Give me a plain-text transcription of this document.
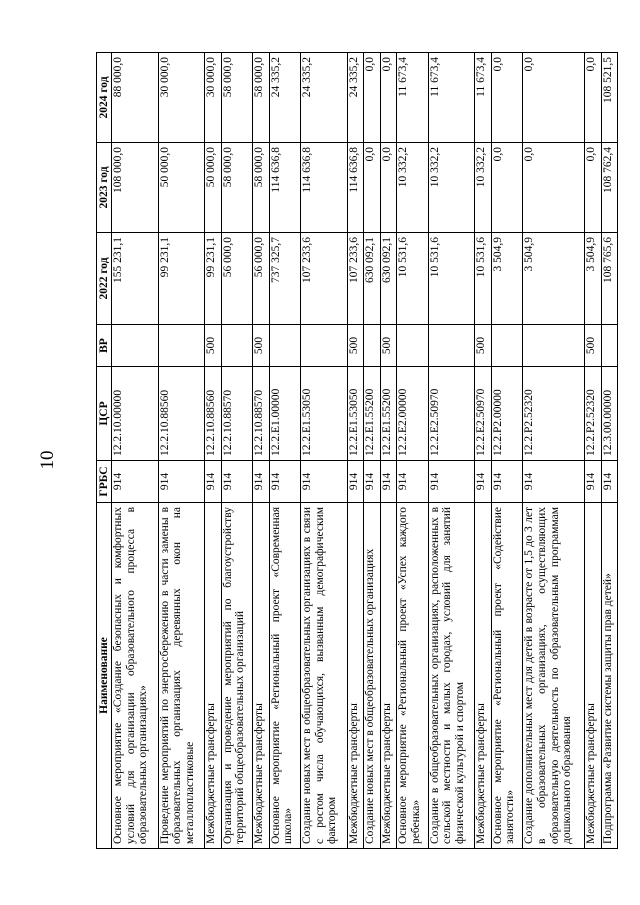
10
Наименование	ГРБС	ЦСР	ВР	2022 год	2023 год	2024 год
Основное мероприятие «Создание безопасных и комфортных условий для организации образовательного процесса в образовательных организациях»	914	12.2.10.00000		155 231,1	108 000,0	88 000,0
Проведение мероприятий по энергосбережению в части замены в образовательных организациях деревянных окон на металлопластиковые	914	12.2.10.88560		99 231,1	50 000,0	30 000,0
Межбюджетные трансферты	914	12.2.10.88560	500	99 231,1	50 000,0	30 000,0
Организация и проведение мероприятий по благоустройству территорий общеобразовательных организаций	914	12.2.10.88570		56 000,0	58 000,0	58 000,0
Межбюджетные трансферты	914	12.2.10.88570	500	56 000,0	58 000,0	58 000,0
Основное мероприятие «Региональный проект «Современная школа»	914	12.2.E1.00000		737 325,7	114 636,8	24 335,2
Создание новых мест в общеобразовательных организациях в связи с ростом числа обучающихся, вызванным демографическим фактором	914	12.2.E1.53050		107 233,6	114 636,8	24 335,2
Межбюджетные трансферты	914	12.2.E1.53050	500	107 233,6	114 636,8	24 335,2
Создание новых мест в общеобразовательных организациях	914	12.2.E1.55200		630 092,1	0,0	0,0
Межбюджетные трансферты	914	12.2.E1.55200	500	630 092,1	0,0	0,0
Основное мероприятие «Региональный проект «Успех каждого ребенка»	914	12.2.E2.00000		10 531,6	10 332,2	11 673,4
Создание в общеобразовательных организациях, расположенных в сельской местности и малых городах, условий для занятий физической культурой и спортом	914	12.2.E2.50970		10 531,6	10 332,2	11 673,4
Межбюджетные трансферты	914	12.2.E2.50970	500	10 531,6	10 332,2	11 673,4
Основное мероприятие «Региональный проект «Содействие занятости»	914	12.2.P2.00000		3 504,9	0,0	0,0
Создание дополнительных мест для детей в возрасте от 1,5 до 3 лет в образовательных организациях, осуществляющих образовательную деятельность по образовательным программам дошкольного образования	914	12.2.P2.52320		3 504,9	0,0	0,0
Межбюджетные трансферты	914	12.2.P2.52320	500	3 504,9	0,0	0,0
Подпрограмма «Развитие системы защиты прав детей»	914	12.3.00.00000		108 765,6	108 762,4	108 521,5
